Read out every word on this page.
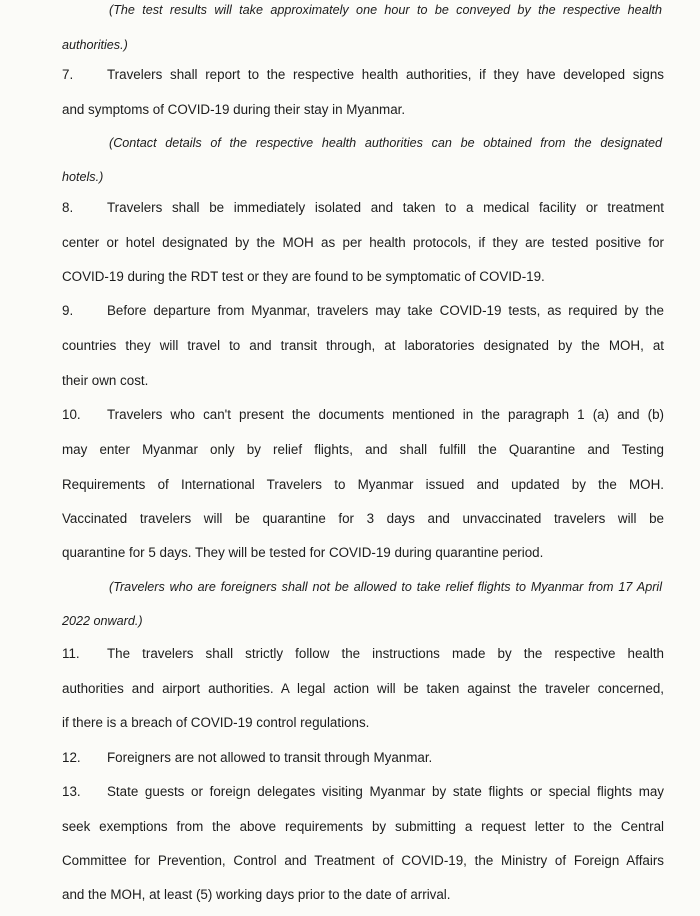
(The test results will take approximately one hour to be conveyed by the respective health
authorities.)
7.	Travelers shall report to the respective health authorities, if they have developed signs
and symptoms of COVID-19 during their stay in Myanmar.
(Contact details of the respective health authorities can be obtained from the designated
hotels.)
8.	Travelers shall be immediately isolated and taken to a medical facility or treatment
center or hotel designated by the MOH as per health protocols, if they are tested positive for
COVID-19 during the RDT test or they are found to be symptomatic of COVID-19.
9.	Before departure from Myanmar, travelers may take COVID-19 tests, as required by the
countries they will travel to and transit through, at laboratories designated by the MOH, at
their own cost.
10. Travelers who can't present the documents mentioned in the paragraph 1 (a) and (b)
may enter Myanmar only by relief flights, and shall fulfill the Quarantine and Testing
Requirements of International Travelers to Myanmar issued and updated by the MOH.
Vaccinated travelers will be quarantine for 3 days and unvaccinated travelers will be
quarantine for 5 days. They will be tested for COVID-19 during quarantine period.
(Travelers who are foreigners shall not be allowed to take relief flights to Myanmar from 17 April
2022 onward.)
11. The travelers shall strictly follow the instructions made by the respective health
authorities and airport authorities. A legal action will be taken against the traveler concerned,
if there is a breach of COVID-19 control regulations.
12. Foreigners are not allowed to transit through Myanmar.
13. State guests or foreign delegates visiting Myanmar by state flights or special flights may
seek exemptions from the above requirements by submitting a request letter to the Central
Committee for Prevention, Control and Treatment of COVID-19, the Ministry of Foreign Affairs
and the MOH, at least (5) working days prior to the date of arrival.
